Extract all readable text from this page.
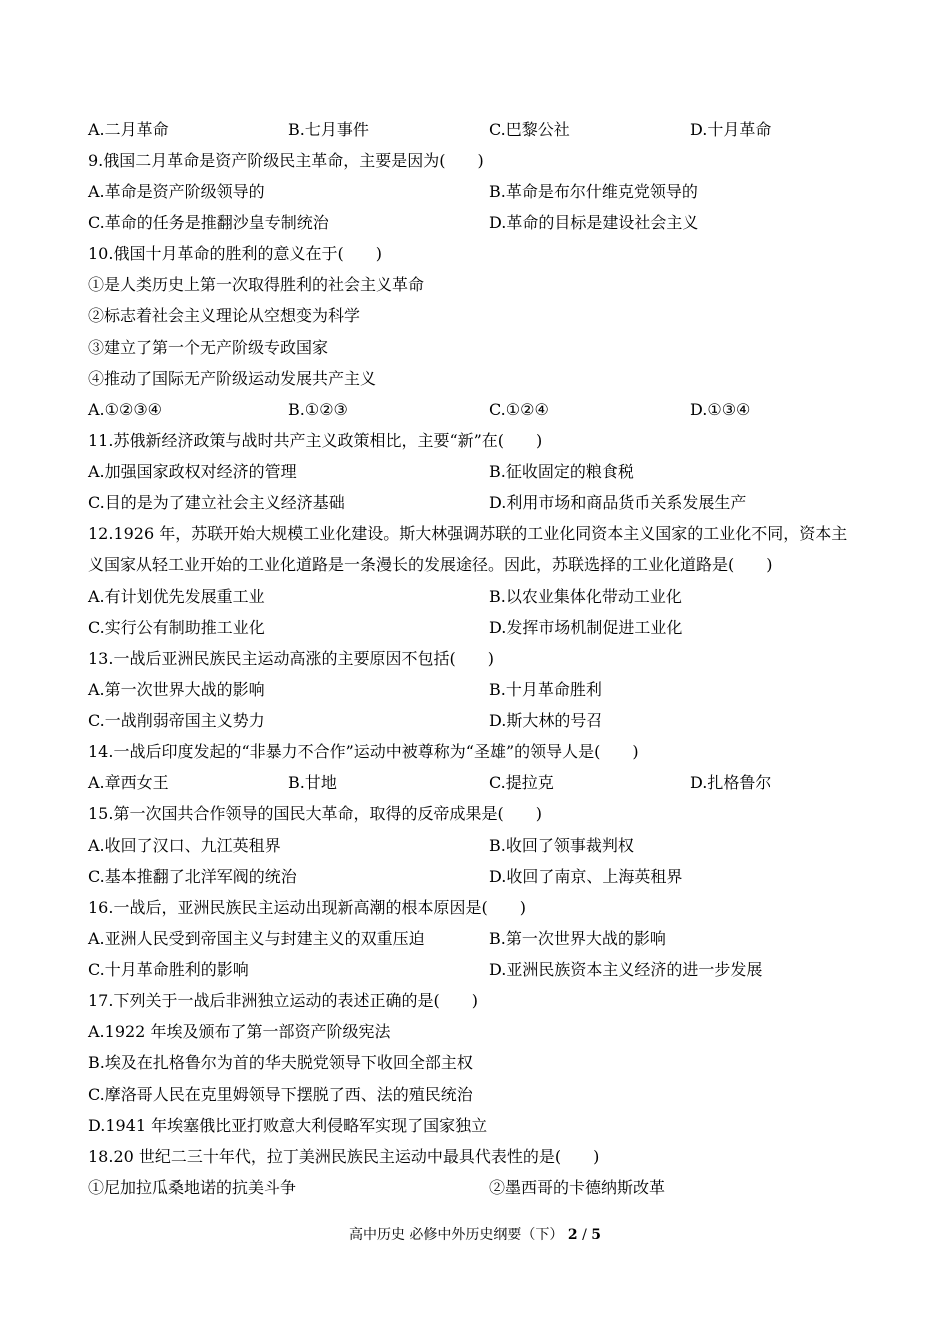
A.二月革命	B.七月事件	C.巴黎公社	D.十月革命
9.俄国二月革命是资产阶级民主革命，主要是因为(　　)
A.革命是资产阶级领导的	B.革命是布尔什维克党领导的
C.革命的任务是推翻沙皇专制统治	D.革命的目标是建设社会主义
10.俄国十月革命的胜利的意义在于(　　)
①是人类历史上第一次取得胜利的社会主义革命
②标志着社会主义理论从空想变为科学
③建立了第一个无产阶级专政国家
④推动了国际无产阶级运动发展共产主义
A.①②③④	B.①②③	C.①②④	D.①③④
11.苏俄新经济政策与战时共产主义政策相比，主要“新”在(　　)
A.加强国家政权对经济的管理	B.征收固定的粮食税
C.目的是为了建立社会主义经济基础	D.利用市场和商品货币关系发展生产
12.1926 年，苏联开始大规模工业化建设。斯大林强调苏联的工业化同资本主义国家的工业化不同，资本主
义国家从轻工业开始的工业化道路是一条漫长的发展途径。因此，苏联选择的工业化道路是(　　)
A.有计划优先发展重工业	B.以农业集体化带动工业化
C.实行公有制助推工业化	D.发挥市场机制促进工业化
13.一战后亚洲民族民主运动高涨的主要原因不包括(　　)
A.第一次世界大战的影响	B.十月革命胜利
C.一战削弱帝国主义势力	D.斯大林的号召
14.一战后印度发起的“非暴力不合作”运动中被尊称为“圣雄”的领导人是(　　)
A.章西女王	B.甘地	C.提拉克	D.扎格鲁尔
15.第一次国共合作领导的国民大革命，取得的反帝成果是(　　)
A.收回了汉口、九江英租界	B.收回了领事裁判权
C.基本推翻了北洋军阀的统治	D.收回了南京、上海英租界
16.一战后，亚洲民族民主运动出现新高潮的根本原因是(　　)
A.亚洲人民受到帝国主义与封建主义的双重压迫	B.第一次世界大战的影响
C.十月革命胜利的影响	D.亚洲民族资本主义经济的进一步发展
17.下列关于一战后非洲独立运动的表述正确的是(　　)
A.1922 年埃及颁布了第一部资产阶级宪法
B.埃及在扎格鲁尔为首的华夫脱党领导下收回全部主权
C.摩洛哥人民在克里姆领导下摆脱了西、法的殖民统治
D.1941 年埃塞俄比亚打败意大利侵略军实现了国家独立
18.20 世纪二三十年代，拉丁美洲民族民主运动中最具代表性的是(　　)
①尼加拉瓜桑地诺的抗美斗争	②墨西哥的卡德纳斯改革
高中历史 必修中外历史纲要（下） 2 / 5
